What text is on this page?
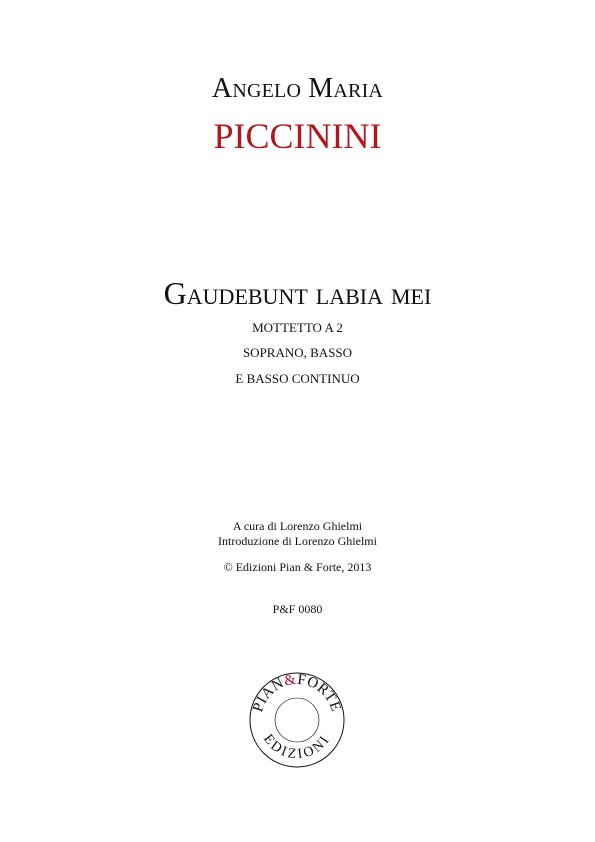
Angelo Maria
PICCININI
Gaudebunt labia mei
MOTTETTO A 2
SOPRANO, BASSO
E BASSO CONTINUO
A cura di Lorenzo Ghielmi
Introduzione di Lorenzo Ghielmi
© Edizioni Pian & Forte, 2013
P&F 0080
PIAN&FORTE
EDIZIONI
